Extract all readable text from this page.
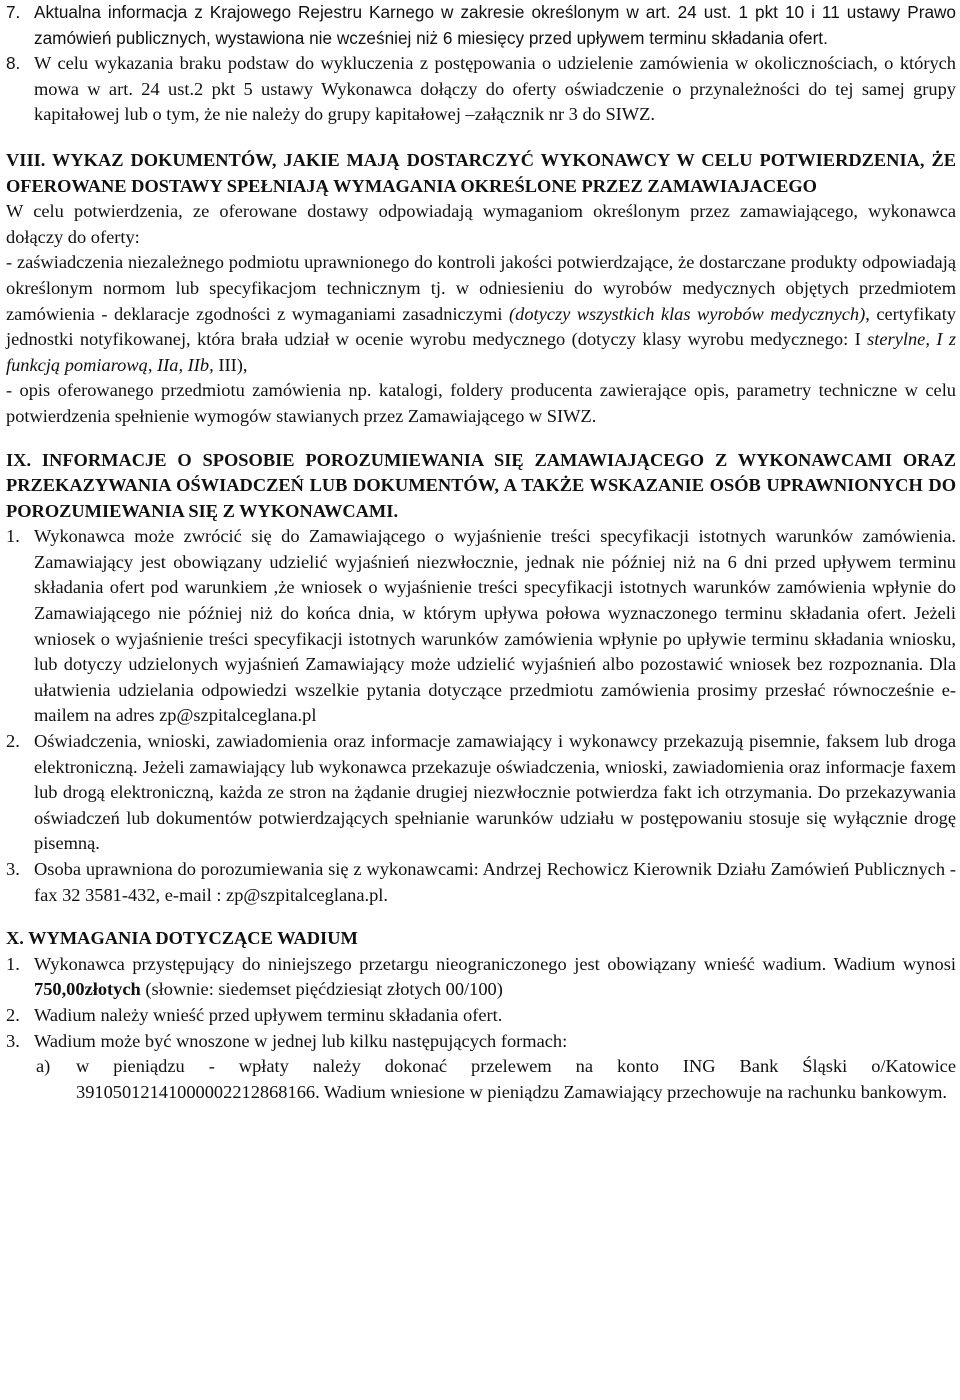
7. Aktualna informacja z Krajowego Rejestru Karnego w zakresie określonym w art. 24 ust. 1 pkt 10 i 11 ustawy Prawo zamówień publicznych, wystawiona nie wcześniej niż 6 miesięcy przed upływem terminu składania ofert.
8. W celu wykazania braku podstaw do wykluczenia z postępowania o udzielenie zamówienia w okolicznościach, o których mowa w art. 24 ust.2 pkt 5 ustawy Wykonawca dołączy do oferty oświadczenie o przynależności do tej samej grupy kapitałowej lub o tym, że nie należy do grupy kapitałowej –załącznik nr 3 do SIWZ.
VIII. WYKAZ DOKUMENTÓW, JAKIE MAJĄ DOSTARCZYĆ WYKONAWCY W CELU POTWIERDZENIA, ŻE OFEROWANE DOSTAWY SPEŁNIAJĄ WYMAGANIA OKREŚLONE PRZEZ ZAMAWIAJACEGO

W celu potwierdzenia, ze oferowane dostawy odpowiadają wymaganiom określonym przez zamawiającego, wykonawca dołączy do oferty:

- zaświadczenia niezależnego podmiotu uprawnionego do kontroli jakości potwierdzające, że dostarczane produkty odpowiadają określonym normom lub specyfikacjom technicznym tj. w odniesieniu do wyrobów medycznych objętych przedmiotem zamówienia - deklaracje zgodności z wymaganiami zasadniczymi (dotyczy wszystkich klas wyrobów medycznych), certyfikaty jednostki notyfikowanej, która brała udział w ocenie wyrobu medycznego (dotyczy klasy wyrobu medycznego: I sterylne, I z funkcją pomiarową, IIa, IIb, III),

- opis oferowanego przedmiotu zamówienia np. katalogi, foldery producenta zawierające opis, parametry techniczne w celu potwierdzenia spełnienie wymogów stawianych przez Zamawiającego w SIWZ.

IX. INFORMACJE O SPOSOBIE POROZUMIEWANIA SIĘ ZAMAWIAJĄCEGO Z WYKONAWCAMI ORAZ PRZEKAZYWANIA OŚWIADCZEŃ LUB DOKUMENTÓW, A TAKŻE WSKAZANIE OSÓB UPRAWNIONYCH DO POROZUMIEWANIA SIĘ Z WYKONAWCAMI.
1. Wykonawca może zwrócić się do Zamawiającego o wyjaśnienie treści specyfikacji istotnych warunków zamówienia. Zamawiający jest obowiązany udzielić wyjaśnień niezwłocznie, jednak nie później niż na 6 dni przed upływem terminu składania ofert pod warunkiem ,że wniosek o wyjaśnienie treści specyfikacji istotnych warunków zamówienia wpłynie do Zamawiającego nie później niż do końca dnia, w którym upływa połowa wyznaczonego terminu składania ofert. Jeżeli wniosek o wyjaśnienie treści specyfikacji istotnych warunków zamówienia wpłynie po upływie terminu składania wniosku, lub dotyczy udzielonych wyjaśnień Zamawiający może udzielić wyjaśnień albo pozostawić wniosek bez rozpoznania. Dla ułatwienia udzielania odpowiedzi wszelkie pytania dotyczące przedmiotu zamówienia prosimy przesłać równocześnie e-mailem na adres zp@szpitalceglana.pl
2. Oświadczenia, wnioski, zawiadomienia oraz informacje zamawiający i wykonawcy przekazują pisemnie, faksem lub droga elektroniczną. Jeżeli zamawiający lub wykonawca przekazuje oświadczenia, wnioski, zawiadomienia oraz informacje faxem lub drogą elektroniczną, każda ze stron na żądanie drugiej niezwłocznie potwierdza fakt ich otrzymania. Do przekazywania oświadczeń lub dokumentów potwierdzających spełnianie warunków udziału w postępowaniu stosuje się wyłącznie drogę pisemną.
3. Osoba uprawniona do porozumiewania się z wykonawcami: Andrzej Rechowicz Kierownik Działu Zamówień Publicznych - fax 32 3581-432, e-mail : zp@szpitalceglana.pl.
X. WYMAGANIA DOTYCZĄCE WADIUM
1. Wykonawca przystępujący do niniejszego przetargu nieograniczonego jest obowiązany wnieść wadium. Wadium wynosi 750,00złotych (słownie: siedemset pięćdziesiąt złotych 00/100)
2. Wadium należy wnieść przed upływem terminu składania ofert.
3. Wadium może być wnoszone w jednej lub kilku następujących formach:
a)	w pieniądzu - wpłaty należy dokonać przelewem na konto ING Bank Śląski o/Katowice 39105012141000002212868166. Wadium wniesione w pieniądzu Zamawiający przechowuje na rachunku bankowym.
